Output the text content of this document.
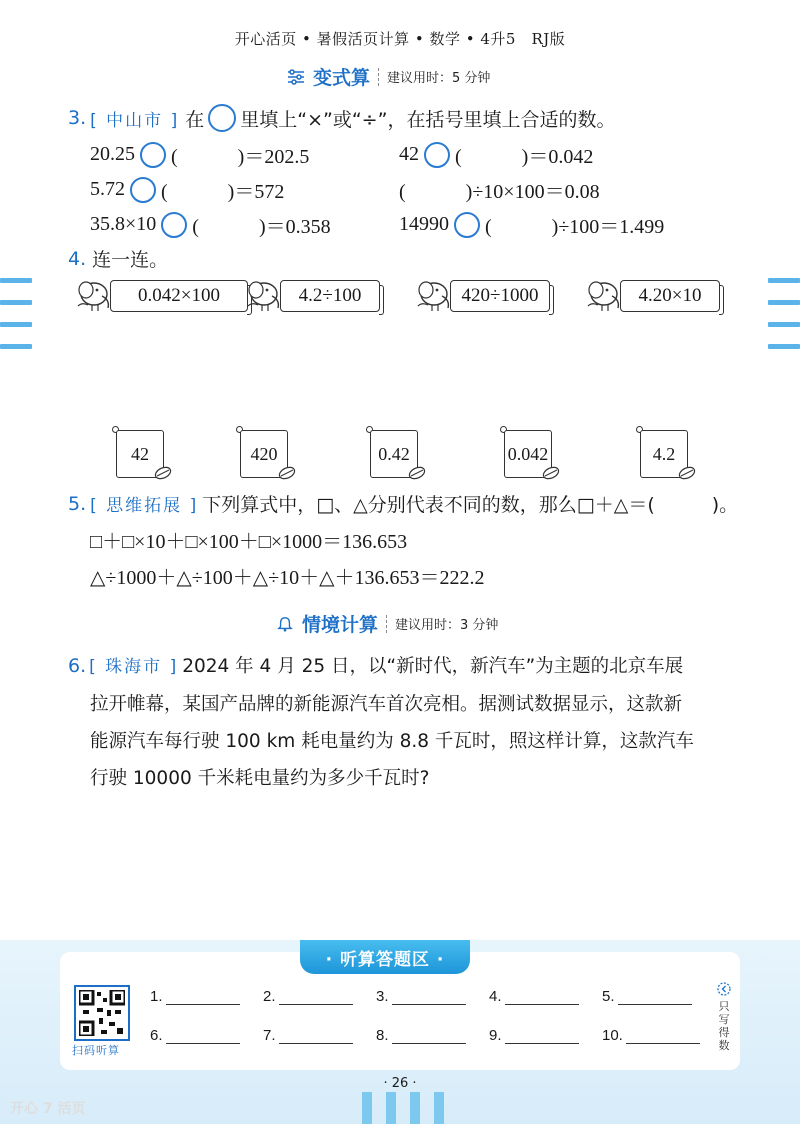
开心活页 • 暑假活页计算 • 数学 • 4升5　RJ版
变式算 建议用时：5 分钟
3. [ 中山市 ] 在 里填上“×”或“÷”，在括号里填上合适的数。
20.25 (　　　)＝202.5	42 (　　　)＝0.042
5.72 (　　　)＝572	(　　　)÷10×100＝0.08
35.8×10 (　　　)＝0.358	14990 (　　　)÷100＝1.499
4. 连一连。
0.042×100	4.2÷100	420÷1000	4.20×10
42	420	0.42	0.042	4.2
5. [ 思维拓展 ] 下列算式中，□、△分别代表不同的数，那么□＋△＝(　　　)。
□＋□×10＋□×100＋□×1000＝136.653
△÷1000＋△÷100＋△÷10＋△＋136.653＝222.2
情境计算 建议用时：3 分钟
6. [ 珠海市 ] 2024 年 4 月 25 日，以“新时代，新汽车”为主题的北京车展
拉开帷幕，某国产品牌的新能源汽车首次亮相。据测试数据显示，这款新
能源汽车每行驶 100 km 耗电量约为 8.8 千瓦时，照这样计算，这款汽车
行驶 10000 千米耗电量约为多少千瓦时?
· 听算答题区 ·
扫码听算
1.	2.	3.	4.	5.
6.	7.	8.	9.	10.
只写得数
· 26 ·
开心 7 活页
